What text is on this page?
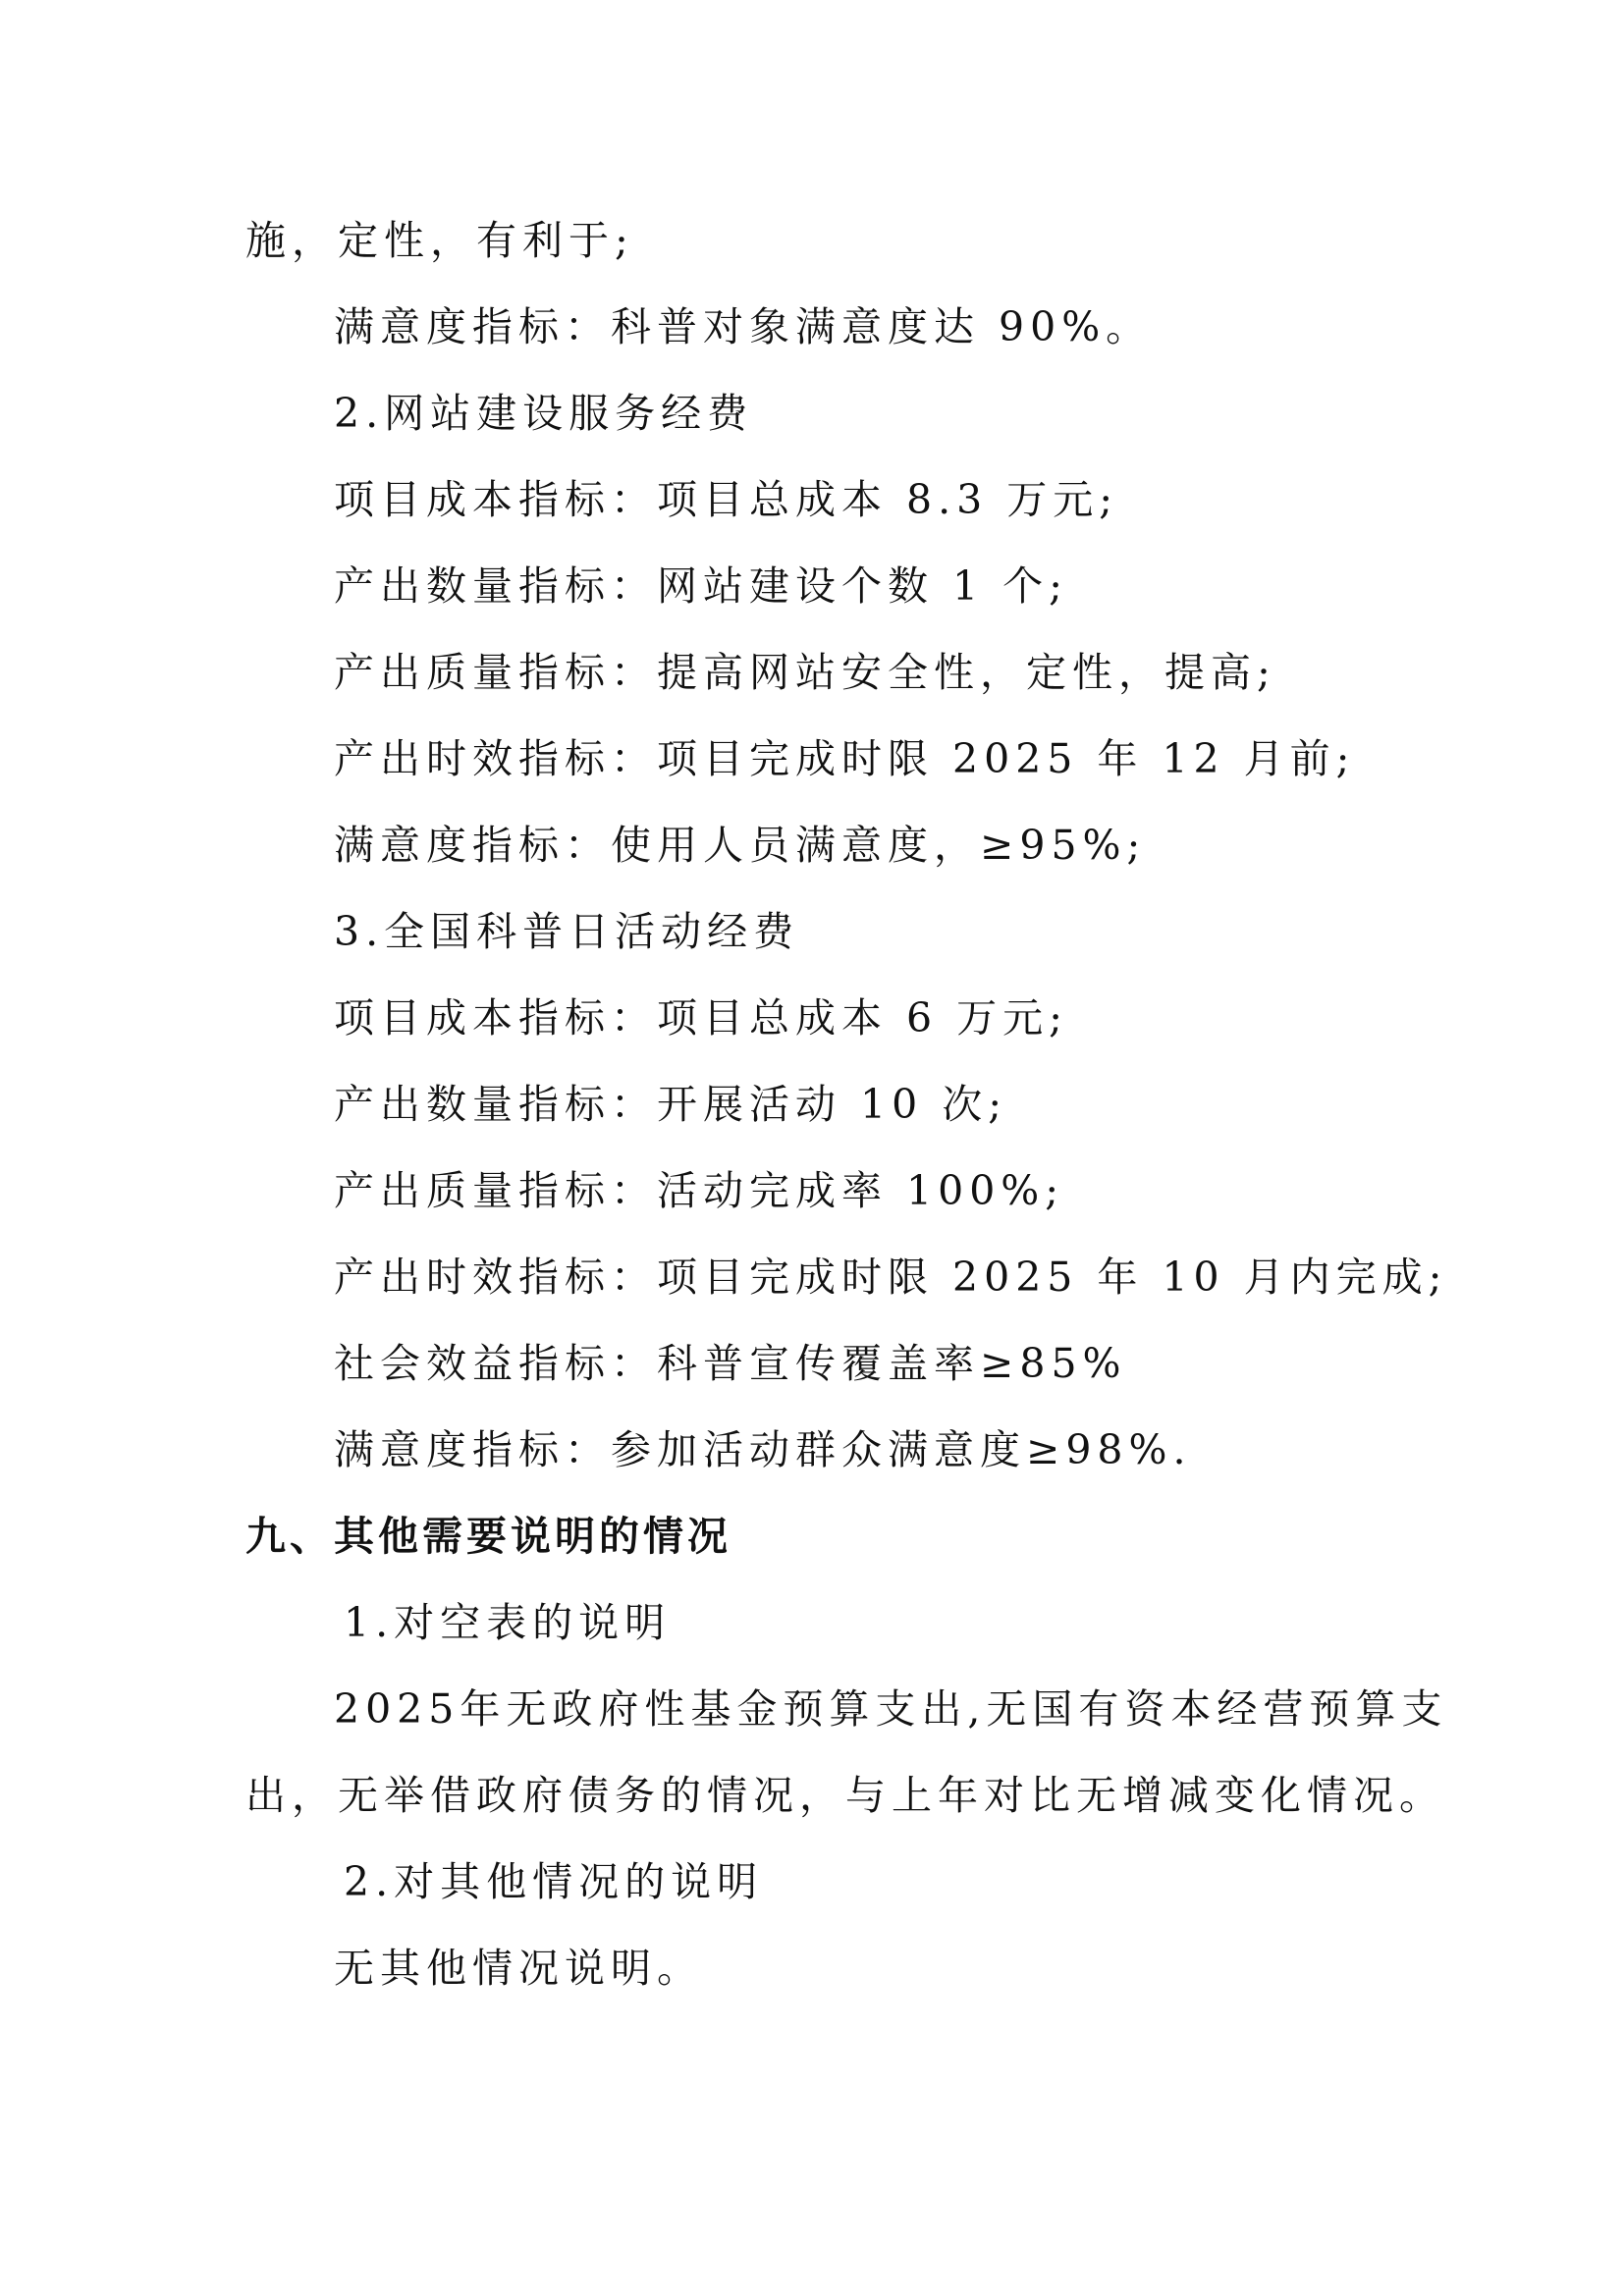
施，定性，有利于;
满意度指标：科普对象满意度达 90%。
2.网站建设服务经费
项目成本指标：项目总成本 8.3 万元;
产出数量指标：网站建设个数 1 个;
产出质量指标：提高网站安全性，定性，提高;
产出时效指标：项目完成时限 2025 年 12 月前;
满意度指标：使用人员满意度，≥95%;
3.全国科普日活动经费
项目成本指标：项目总成本 6 万元;
产出数量指标：开展活动 10 次;
产出质量指标：活动完成率 100%;
产出时效指标：项目完成时限 2025 年 10 月内完成;
社会效益指标：科普宣传覆盖率≥85%
满意度指标：参加活动群众满意度≥98%.
九、其他需要说明的情况
1.对空表的说明
2025年无政府性基金预算支出,无国有资本经营预算支
出，无举借政府债务的情况，与上年对比无增减变化情况。
2.对其他情况的说明
无其他情况说明。
